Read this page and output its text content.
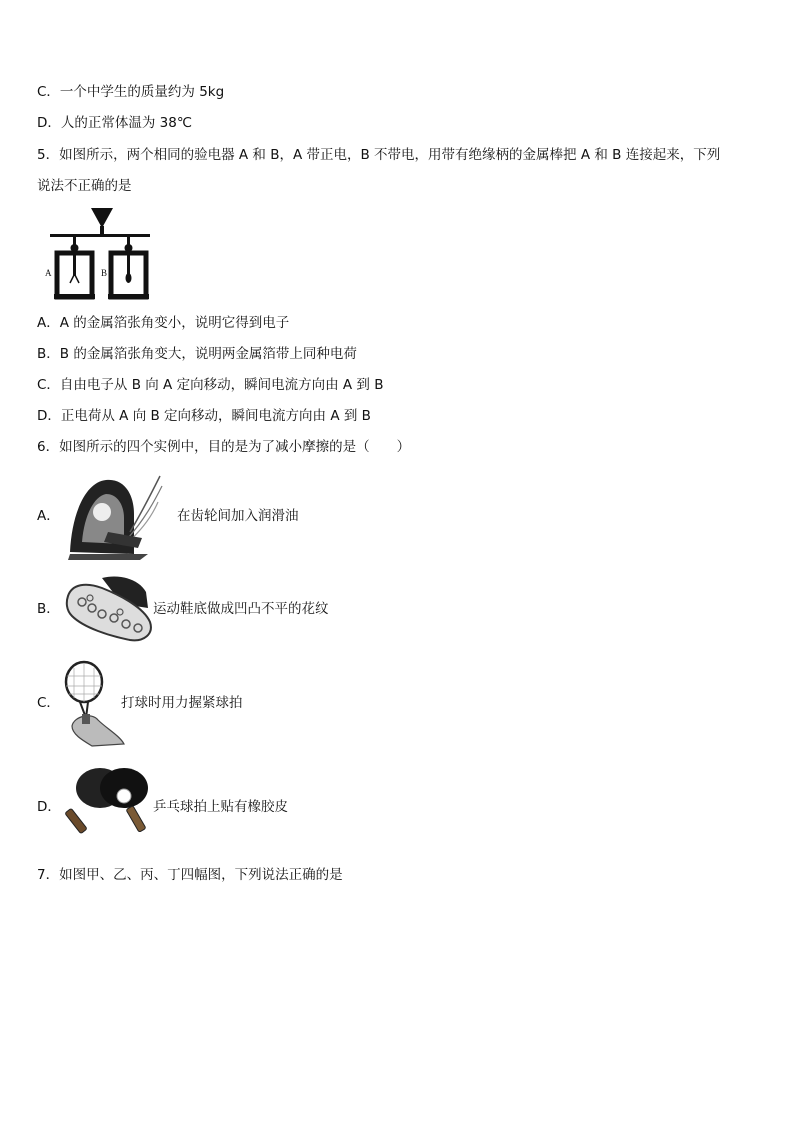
C．一个中学生的质量约为 5kg
D．人的正常体温为 38℃
5．如图所示，两个相同的验电器 A 和 B，A 带正电，B 不带电，用带有绝缘柄的金属棒把 A 和 B 连接起来，下列
说法不正确的是
A	B
A．A 的金属箔张角变小，说明它得到电子
B．B 的金属箔张角变大，说明两金属箔带上同种电荷
C．自由电子从 B 向 A 定向移动，瞬间电流方向由 A 到 B
D．正电荷从 A 向 B 定向移动，瞬间电流方向由 A 到 B
6．如图所示的四个实例中，目的是为了减小摩擦的是（　　）
A．	在齿轮间加入润滑油
B．	运动鞋底做成凹凸不平的花纹
C．	打球时用力握紧球拍
D．	乒乓球拍上贴有橡胶皮
7．如图甲、乙、丙、丁四幅图，下列说法正确的是
